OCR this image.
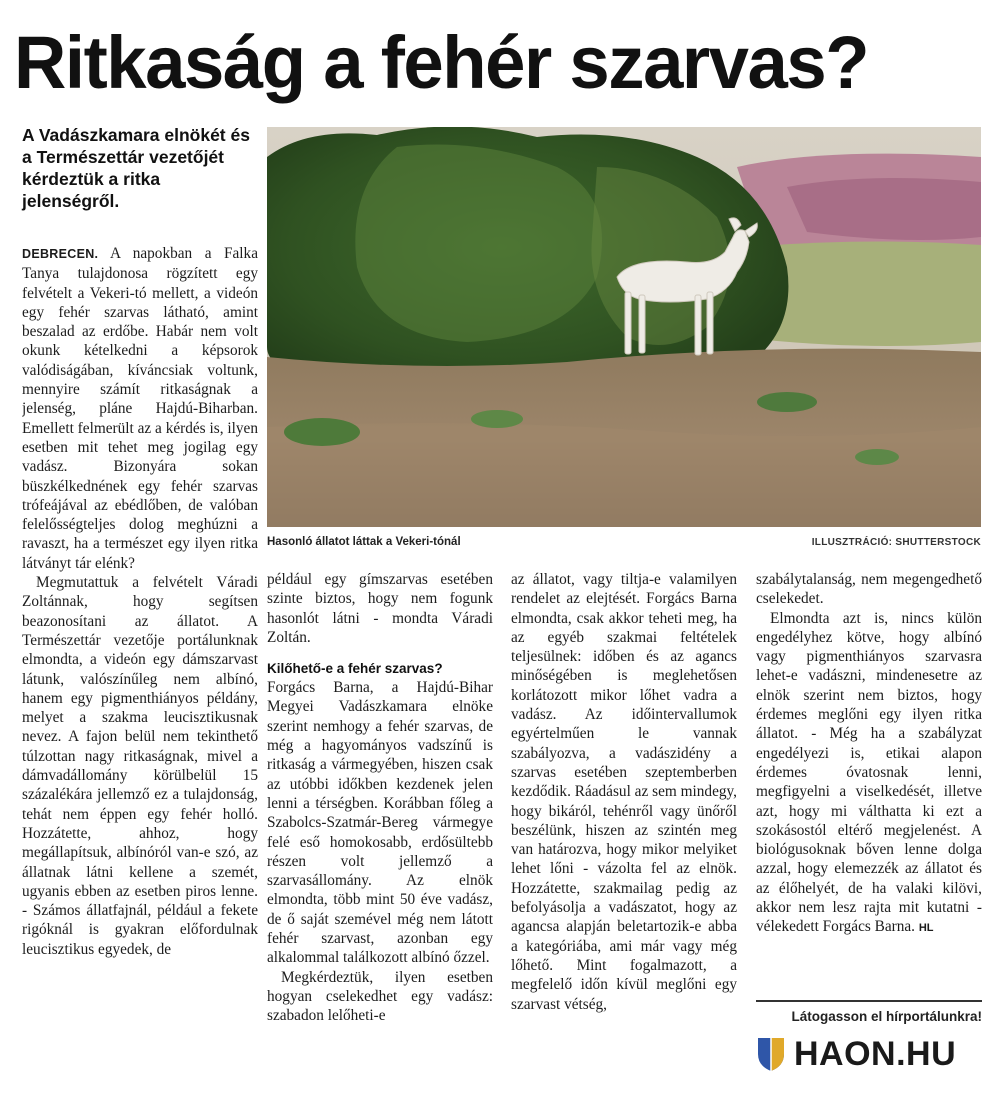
Ritkaság a fehér szarvas?
A Vadászkamara elnökét és a Természettár vezetőjét kérdeztük a ritka jelenségről.
Hasonló állatot láttak a Vekeri-tónál	ILLUSZTRÁCIÓ: SHUTTERSTOCK

DEBRECEN. A napokban a Falka Tanya tulajdonosa rögzített egy felvételt a Vekeri-tó mellett, a videón egy fehér szarvas látható, amint beszalad az erdőbe. Habár nem volt okunk kételkedni a képsorok valódiságában, kíváncsiak voltunk, mennyire számít ritkaságnak a jelenség, pláne Hajdú-Biharban. Emellett felmerült az a kérdés is, ilyen esetben mit tehet meg jogilag egy vadász. Bizonyára sokan büszkélkednének egy fehér szarvas trófeájával az ebédlőben, de valóban felelősségteljes dolog meghúzni a ravaszt, ha a természet egy ilyen ritka látványt tár elénk?

Megmutattuk a felvételt Váradi Zoltánnak, hogy segítsen beazonosítani az állatot. A Természettár vezetője portálunknak elmondta, a videón egy dámszarvast látunk, valószínűleg nem albínó, hanem egy pigmenthiányos példány, melyet a szakma leucisztikusnak nevez. A fajon belül nem tekinthető túlzottan nagy ritkaságnak, mivel a dámvadállomány körülbelül 15 százalékára jellemző ez a tulajdonság, tehát nem éppen egy fehér holló. Hozzátette, ahhoz, hogy megállapítsuk, albínóról van-e szó, az állatnak látni kellene a szemét, ugyanis ebben az esetben piros lenne. - Számos állatfajnál, például a fekete rigóknál is gyakran előfordulnak leucisztikus egyedek, de

például egy gímszarvas esetében szinte biztos, hogy nem fogunk hasonlót látni - mondta Váradi Zoltán.

Kilőhető-e a fehér szarvas?

Forgács Barna, a Hajdú-Bihar Megyei Vadászkamara elnöke szerint nemhogy a fehér szarvas, de még a hagyományos vadszínű is ritkaság a vármegyében, hiszen csak az utóbbi időkben kezdenek jelen lenni a térségben. Korábban főleg a Szabolcs-Szatmár-Bereg vármegye felé eső homokosabb, erdősültebb részen volt jellemző a szarvasállomány. Az elnök elmondta, több mint 50 éve vadász, de ő saját szemével még nem látott fehér szarvast, azonban egy alkalommal találkozott albínó őzzel.

Megkérdeztük, ilyen esetben hogyan cselekedhet egy vadász: szabadon lelőheti-e

az állatot, vagy tiltja-e valamilyen rendelet az elejtését. Forgács Barna elmondta, csak akkor teheti meg, ha az egyéb szakmai feltételek teljesülnek: időben és az agancs minőségében is meglehetősen korlátozott mikor lőhet vadra a vadász. Az időintervallumok egyértelműen le vannak szabályozva, a vadászidény a szarvas esetében szeptemberben kezdődik. Ráadásul az sem mindegy, hogy bikáról, tehénről vagy ünőről beszélünk, hiszen az szintén meg van határozva, hogy mikor melyiket lehet lőni - vázolta fel az elnök. Hozzátette, szakmailag pedig az befolyásolja a vadászatot, hogy az agancsa alapján beletartozik-e abba a kategóriába, ami már vagy még lőhető. Mint fogalmazott, a megfelelő időn kívül meglőni egy szarvast vétség,

szabálytalanság, nem megengedhető cselekedet.

Elmondta azt is, nincs külön engedélyhez kötve, hogy albínó vagy pigmenthiányos szarvasra lehet-e vadászni, mindenesetre az elnök szerint nem biztos, hogy érdemes meglőni egy ilyen ritka állatot. - Még ha a szabályzat engedélyezi is, etikai alapon érdemes óvatosnak lenni, megfigyelni a viselkedését, illetve azt, hogy mi válthatta ki ezt a szokásostól eltérő megjelenést. A biológusoknak bőven lenne dolga azzal, hogy elemezzék az állatot és az élőhelyét, de ha valaki kilövi, akkor nem lesz rajta mit kutatni - vélekedett Forgács Barna. HL

Látogasson el hírportálunkra!
HAON.HU
